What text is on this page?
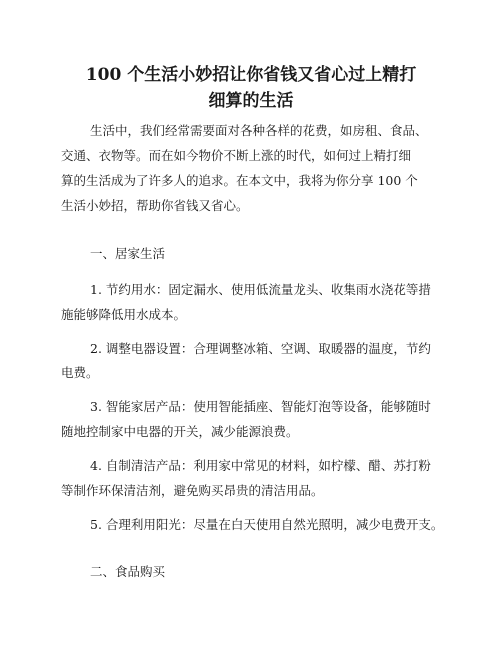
100 个生活小妙招让你省钱又省心过上精打
细算的生活

生活中，我们经常需要面对各种各样的花费，如房租、食品、

交通、衣物等。而在如今物价不断上涨的时代，如何过上精打细

算的生活成为了许多人的追求。在本文中，我将为你分享 100 个

生活小妙招，帮助你省钱又省心。

一、居家生活

1. 节约用水：固定漏水、使用低流量龙头、收集雨水浇花等措

施能够降低用水成本。

2. 调整电器设置：合理调整冰箱、空调、取暖器的温度，节约

电费。

3. 智能家居产品：使用智能插座、智能灯泡等设备，能够随时

随地控制家中电器的开关，减少能源浪费。

4. 自制清洁产品：利用家中常见的材料，如柠檬、醋、苏打粉

等制作环保清洁剂，避免购买昂贵的清洁用品。

5. 合理利用阳光：尽量在白天使用自然光照明，减少电费开支。

二、食品购买
